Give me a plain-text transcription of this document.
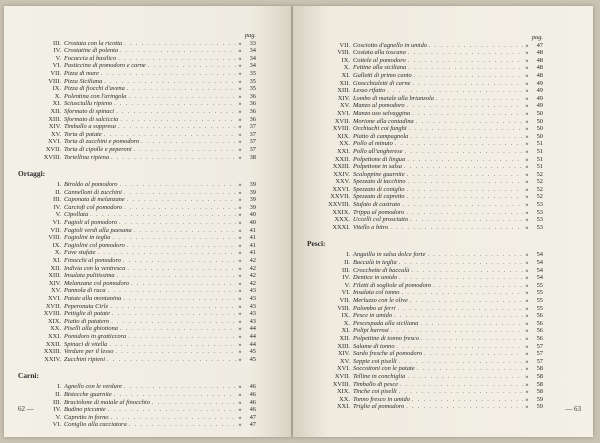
pag.
III. Crostata con la ricotta . . .	»	33
IV. Crostatine di polenta . . .	»	34
V. Focaccia al basilico . . .	»	34
VI. Pasticcino di pomodoro e carne . . .	»	34
VII. Pizza di mare . . .	»	35
VIII. Pizza Siciliana . . .	»	35
IX. Pizza di fiocchi d'avena . . .	»	35
X. Polentina con l'aringola . . .	»	36
XI. Sciusciullu ripieno . . .	»	36
XII. Sformato di spinaci . . .	»	36
XIII. Sformato di salciccia . . .	»	36
XIV. Timballo a soppresa . . .	»	37
XV. Torta di patate . . .	»	37
XVI. Torta di zucchini e pomodoro . . .	»	37
XVII. Torta di cipolle e peperoni . . .	»	37
XVIII. Tortellina ripiena . . .	»	38
Ortaggi:
I. Biroldo al pomodoro . . .	»	39
II. Cannelloni di zucchini . . .	»	39
III. Caponata di melanzane . . .	»	39
IV. Carciofi col pomodoro . . .	»	39
V. Cipollata . . .	»	40
VI. Fagioli al pomodoro . . .	»	40
VII. Fagioli verdi alla paesana . . .	»	41
VIII. Fagiolini in teglia . . .	»	41
IX. Fagiolini col pomodoro . . .	»	41
X. Fave stufate . . .	»	41
XI. Finocchi al pomodoro . . .	»	42
XII. Indivia con la ventresca . . .	»	42
XIII. Insalata pulitissima . . .	»	42
XIV. Melanzane col pomodoro . . .	»	42
XV. Pannola di ruca . . .	»	43
XVI. Patate alla montanina . . .	»	43
XVII. Peperonata Cirle . . .	»	43
XVIII. Pettiglie di patate . . .	»	43
XIX. Piatto di patatero . . .	»	43
XX. Piselli alla ghiottona . . .	»	44
XXI. Pomidoro in gratticcora . . .	»	44
XXII. Spinaci di vitella . . .	»	44
XXIII. Verdure per il lesso . . .	»	45
XXIV. Zucchini ripieni . . .	»	45
Carni:
I. Agnello con le verdure . . .	»	46
II. Bistecche guarnite . . .	»	46
III. Braciolone di maiale al finocchio . . .	»	46
IV. Budino piccante . . .	»	46
V. Capretto in forno . . .	»	47
VI. Coniglio alla cacciatora . . .	»	47
62 —
pag.
VII. Cosciotto d'agnello in umido . . .	»	47
VIII. Costata alla toscana . . .	»	48
IX. Cottele al pomodoro . . .	»	48
X. Fettine alla siciliana . . .	»	48
XI. Galletti di primo canto . . .	»	48
XII. Gnocchialetti di carne . . .	»	49
XIII. Lesso rifatto . . .	»	49
XIV. Lombo di maiale alla brianzola . . .	»	49
XV. Manzo al pomodoro . . .	»	49
XVI. Manzo uso selvaggina . . .	»	50
XVII. Morione alla contadina . . .	»	50
XVIII. Occhiuchi coi funghi . . .	»	50
XIX. Piatto di campagnola . . .	»	50
XX. Pollo al minuto . . .	»	51
XXI. Pollo all'ungherese . . .	»	51
XXII. Polpettone di lingua . . .	»	51
XXIII. Polpettone in salsa . . .	»	51
XXIV. Scaloppine guarnite . . .	»	52
XXV. Spezzato di tacchino . . .	»	52
XXVI. Spezzato di coniglio . . .	»	52
XXVII. Spezzato di capretto . . .	»	52
XXVIII. Stufato di castrato . . .	»	53
XXIX. Trippa al pomodoro . . .	»	53
XXX. Uccelli col prosciutto . . .	»	53
XXXI. Vitello a bitro . . .	»	53
Pesci:
I. Anguilla in salsa dolce forte . . .	»	54
II. Baccalà in teglia . . .	»	54
III. Crocchette di baccalà . . .	»	54
IV. Dentice in umido . . .	»	54
V. Filetti di sogliole al pomodoro . . .	»	55
VI. Insalata col tonno . . .	»	55
VII. Merluzzo con le olive . . .	»	55
VIII. Palombo ai ferri . . .	»	55
IX. Pesce in umido . . .	»	56
X. Pescespada alla siciliana . . .	»	56
XI. Polipi burrosi . . .	»	56
XII. Polpettine di tonno fresco . . .	»	56
XIII. Salame di tonno . . .	»	57
XIV. Sardo fresche al pomodoro . . .	»	57
XV. Seppie coi piselli . . .	»	57
XVI. Soccottoni con le patate . . .	»	58
XVII. Telline in conchiglia . . .	»	58
XVIII. Timballo di pesce . . .	»	58
XIX. Tinche coi piselli . . .	»	58
XX. Tonno fresco in umido . . .	»	59
XXI. Triglie al pomodoro . . .	»	59	— 63
